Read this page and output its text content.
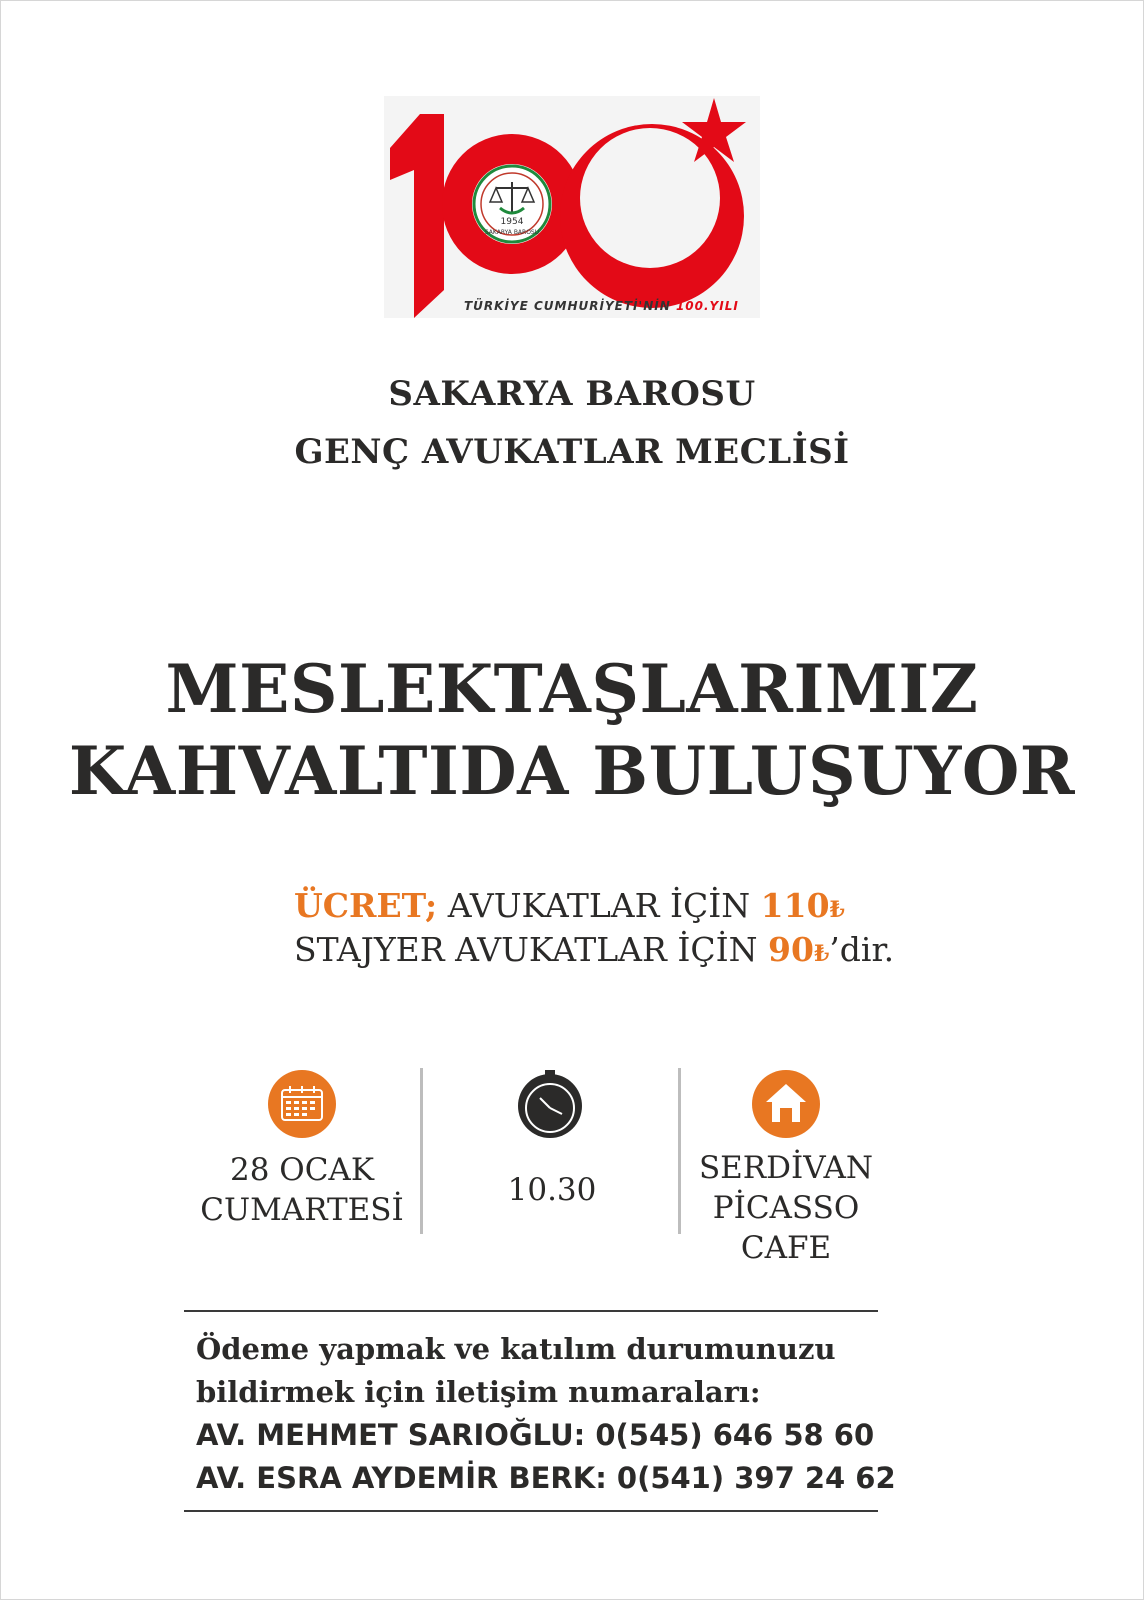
1954
SAKARYA BAROSU
TÜRKİYE CUMHURİYETİ'NİN 100.YILI
SAKARYA BAROSU
GENÇ AVUKATLAR MECLİSİ
MESLEKTAŞLARIMIZ
KAHVALTIDA BULUŞUYOR
ÜCRET; AVUKATLAR İÇİN 110₺
STAJYER AVUKATLAR İÇİN 90₺’dir.
28 OCAK
CUMARTESİ
10.30
SERDİVAN
PİCASSO
CAFE
Ödeme yapmak ve katılım durumunuzu
bildirmek için iletişim numaraları:
AV. MEHMET SARIOĞLU: 0(545) 646 58 60
AV. ESRA AYDEMİR BERK: 0(541) 397 24 62
